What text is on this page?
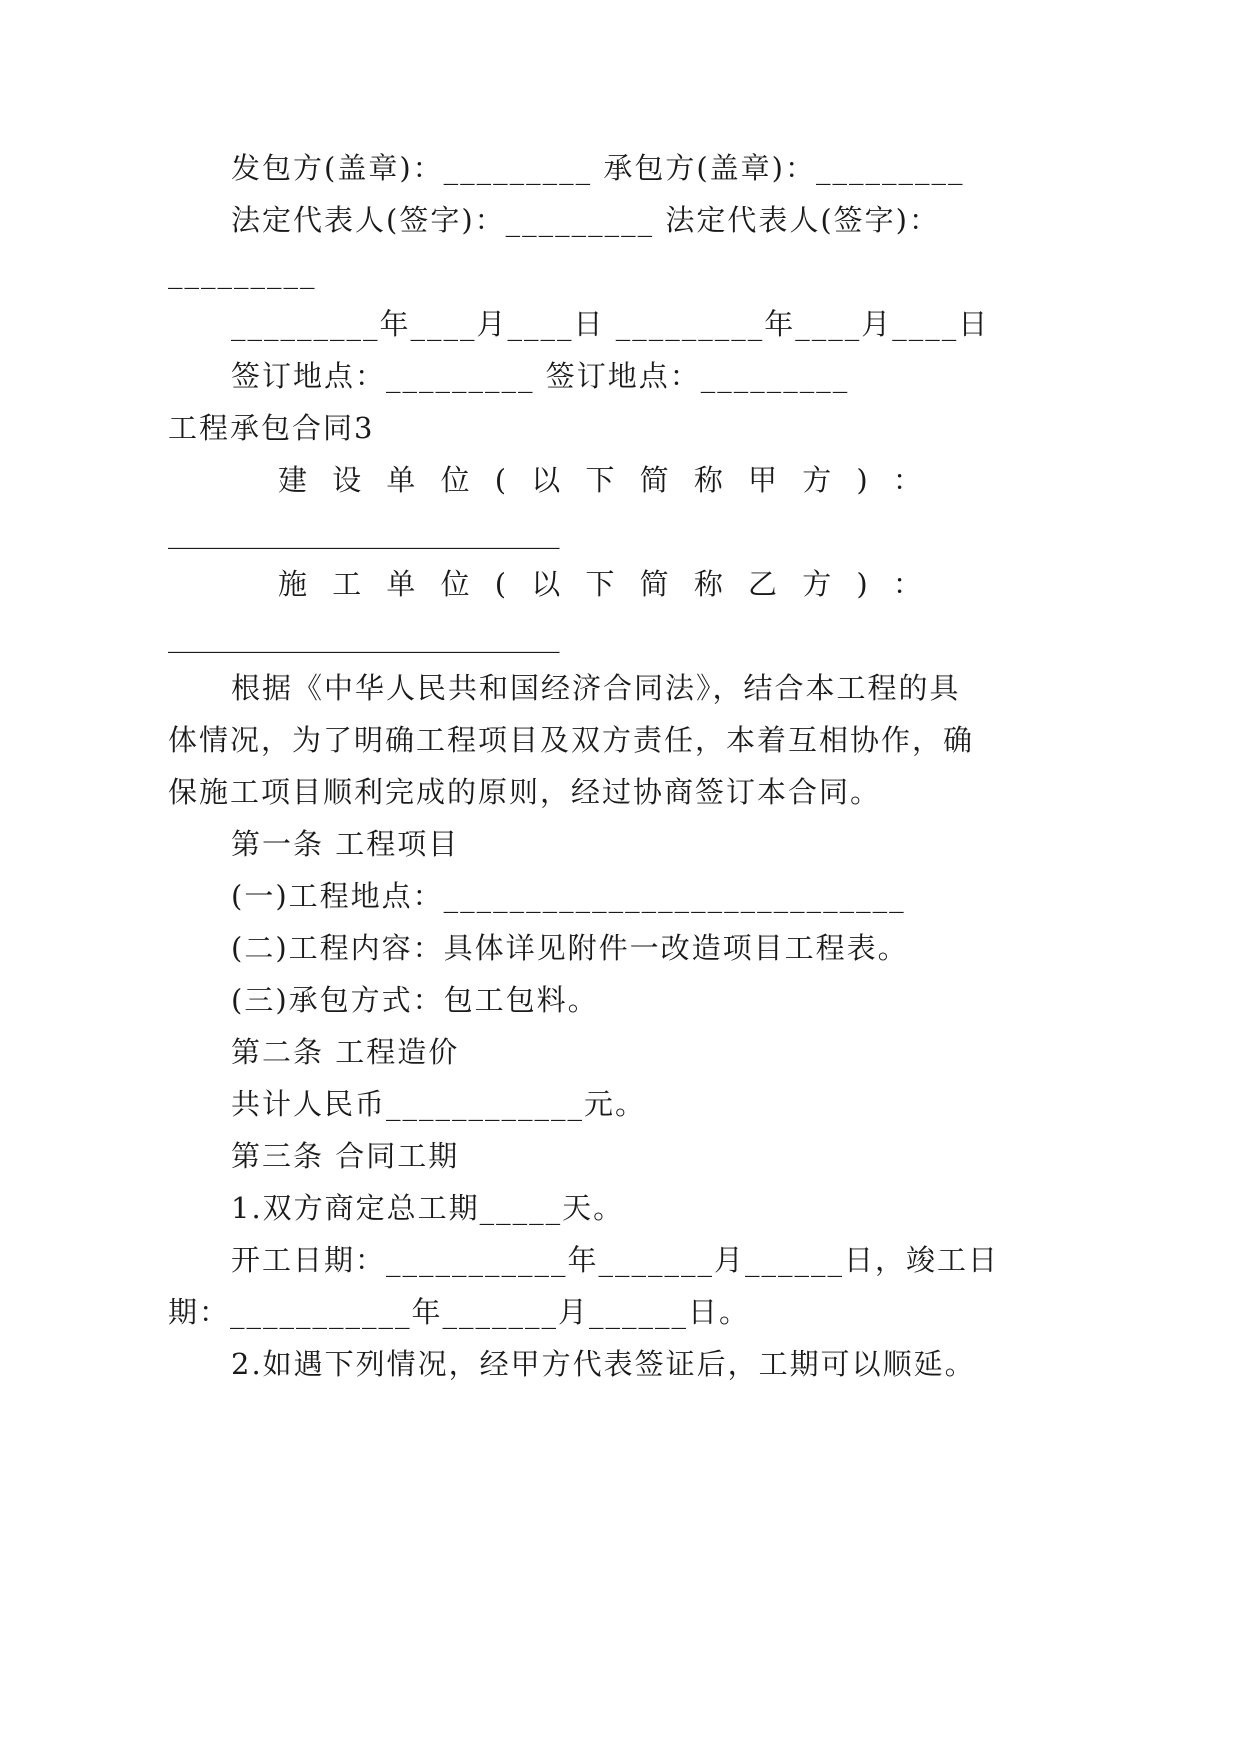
发包方(盖章)：_________ 承包方(盖章)：_________
法定代表人(签字)：_________ 法定代表人(签字)：
_________
_________年____月____日 _________年____月____日
签订地点：_________ 签订地点：_________
工程承包合同3
建 设 单 位 ( 以 下 简 称 甲 方 ) ：
___________________________
施 工 单 位 ( 以 下 简 称 乙 方 ) ：
___________________________
根据《中华人民共和国经济合同法》，结合本工程的具
体情况，为了明确工程项目及双方责任，本着互相协作，确
保施工项目顺利完成的原则，经过协商签订本合同。
第一条 工程项目
(一)工程地点：____________________________
(二)工程内容：具体详见附件一改造项目工程表。
(三)承包方式：包工包料。
第二条 工程造价
共计人民币____________元。
第三条 合同工期
1.双方商定总工期_____天。
开工日期：___________年_______月______日，竣工日
期：___________年_______月______日。
2.如遇下列情况，经甲方代表签证后，工期可以顺延。
